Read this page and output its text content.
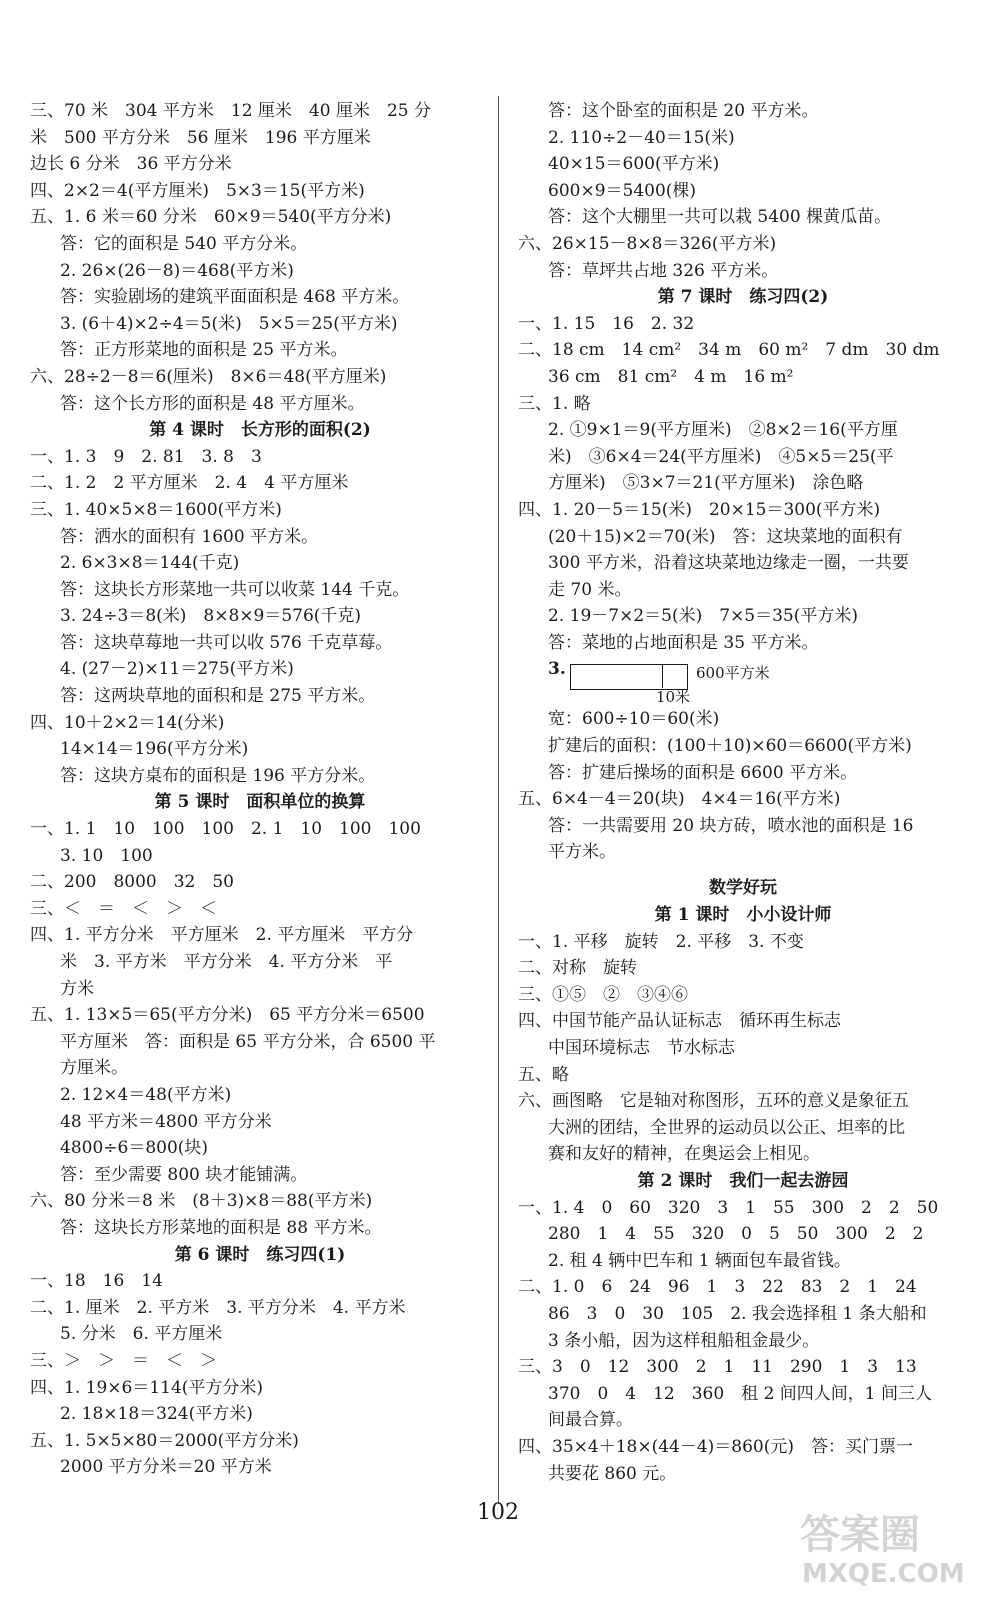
三、70 米　304 平方米　12 厘米　40 厘米　25 分
米　500 平方分米　56 厘米　196 平方厘米
边长 6 分米　36 平方分米
四、2×2＝4(平方厘米)　5×3＝15(平方米)
五、1. 6 米＝60 分米　60×9＝540(平方分米)
答：它的面积是 540 平方分米。
2. 26×(26－8)＝468(平方米)
答：实验剧场的建筑平面面积是 468 平方米。
3. (6＋4)×2÷4＝5(米)　5×5＝25(平方米)
答：正方形菜地的面积是 25 平方米。
六、28÷2－8＝6(厘米)　8×6＝48(平方厘米)
答：这个长方形的面积是 48 平方厘米。
第 4 课时　长方形的面积(2)
一、1. 3　9　2. 81　3. 8　3
二、1. 2　2 平方厘米　2. 4　4 平方厘米
三、1. 40×5×8＝1600(平方米)
答：洒水的面积有 1600 平方米。
2. 6×3×8＝144(千克)
答：这块长方形菜地一共可以收菜 144 千克。
3. 24÷3＝8(米)　8×8×9＝576(千克)
答：这块草莓地一共可以收 576 千克草莓。
4. (27－2)×11＝275(平方米)
答：这两块草地的面积和是 275 平方米。
四、10＋2×2＝14(分米)
14×14＝196(平方分米)
答：这块方桌布的面积是 196 平方分米。
第 5 课时　面积单位的换算
一、1. 1　10　100　100　2. 1　10　100　100
3. 10　100
二、200　8000　32　50
三、＜　＝　＜　＞　＜
四、1. 平方分米　平方厘米　2. 平方厘米　平方分
米　3. 平方米　平方分米　4. 平方分米　平
方米
五、1. 13×5＝65(平方分米)　65 平方分米＝6500
平方厘米　答：面积是 65 平方分米，合 6500 平
方厘米。
2. 12×4＝48(平方米)
48 平方米＝4800 平方分米
4800÷6＝800(块)
答：至少需要 800 块才能铺满。
六、80 分米＝8 米　(8＋3)×8＝88(平方米)
答：这块长方形菜地的面积是 88 平方米。
第 6 课时　练习四(1)
一、18　16　14
二、1. 厘米　2. 平方米　3. 平方分米　4. 平方米
5. 分米　6. 平方厘米
三、＞　＞　＝　＜　＞
四、1. 19×6＝114(平方分米)
2. 18×18＝324(平方米)
五、1. 5×5×80＝2000(平方分米)
2000 平方分米＝20 平方米
答：这个卧室的面积是 20 平方米。
2. 110÷2－40＝15(米)
40×15＝600(平方米)
600×9＝5400(棵)
答：这个大棚里一共可以栽 5400 棵黄瓜苗。
六、26×15－8×8＝326(平方米)
答：草坪共占地 326 平方米。
第 7 课时　练习四(2)
一、1. 15　16　2. 32
二、18 cm　14 cm²　34 m　60 m²　7 dm　30 dm
36 cm　81 cm²　4 m　16 m²
三、1. 略
2. ①9×1＝9(平方厘米)　②8×2＝16(平方厘
米)　③6×4＝24(平方厘米)　④5×5＝25(平
方厘米)　⑤3×7＝21(平方厘米)　涂色略
四、1. 20－5＝15(米)　20×15＝300(平方米)
(20＋15)×2＝70(米)　答：这块菜地的面积有
300 平方米，沿着这块菜地边缘走一圈，一共要
走 70 米。
2. 19－7×2＝5(米)　7×5＝35(平方米)
答：菜地的占地面积是 35 平方米。
3.	600平方米
10米
宽：600÷10＝60(米)
扩建后的面积：(100＋10)×60＝6600(平方米)
答：扩建后操场的面积是 6600 平方米。
五、6×4－4＝20(块)　4×4＝16(平方米)
答：一共需要用 20 块方砖，喷水池的面积是 16
平方米。
数学好玩
第 1 课时　小小设计师
一、1. 平移　旋转　2. 平移　3. 不变
二、对称　旋转
三、①⑤　②　③④⑥
四、中国节能产品认证标志　循环再生标志
中国环境标志　节水标志
五、略
六、画图略　它是轴对称图形，五环的意义是象征五
大洲的团结，全世界的运动员以公正、坦率的比
赛和友好的精神，在奥运会上相见。
第 2 课时　我们一起去游园
一、1. 4　0　60　320　3　1　55　300　2　2　50
280　1　4　55　320　0　5　50　300　2　2
2. 租 4 辆中巴车和 1 辆面包车最省钱。
二、1. 0　6　24　96　1　3　22　83　2　1　24
86　3　0　30　105　2. 我会选择租 1 条大船和
3 条小船，因为这样租船租金最少。
三、3　0　12　300　2　1　11　290　1　3　13
370　0　4　12　360　租 2 间四人间，1 间三人
间最合算。
四、35×4＋18×(44－4)＝860(元)　答：买门票一
共要花 860 元。
102	答案圈
MXQE.COM
